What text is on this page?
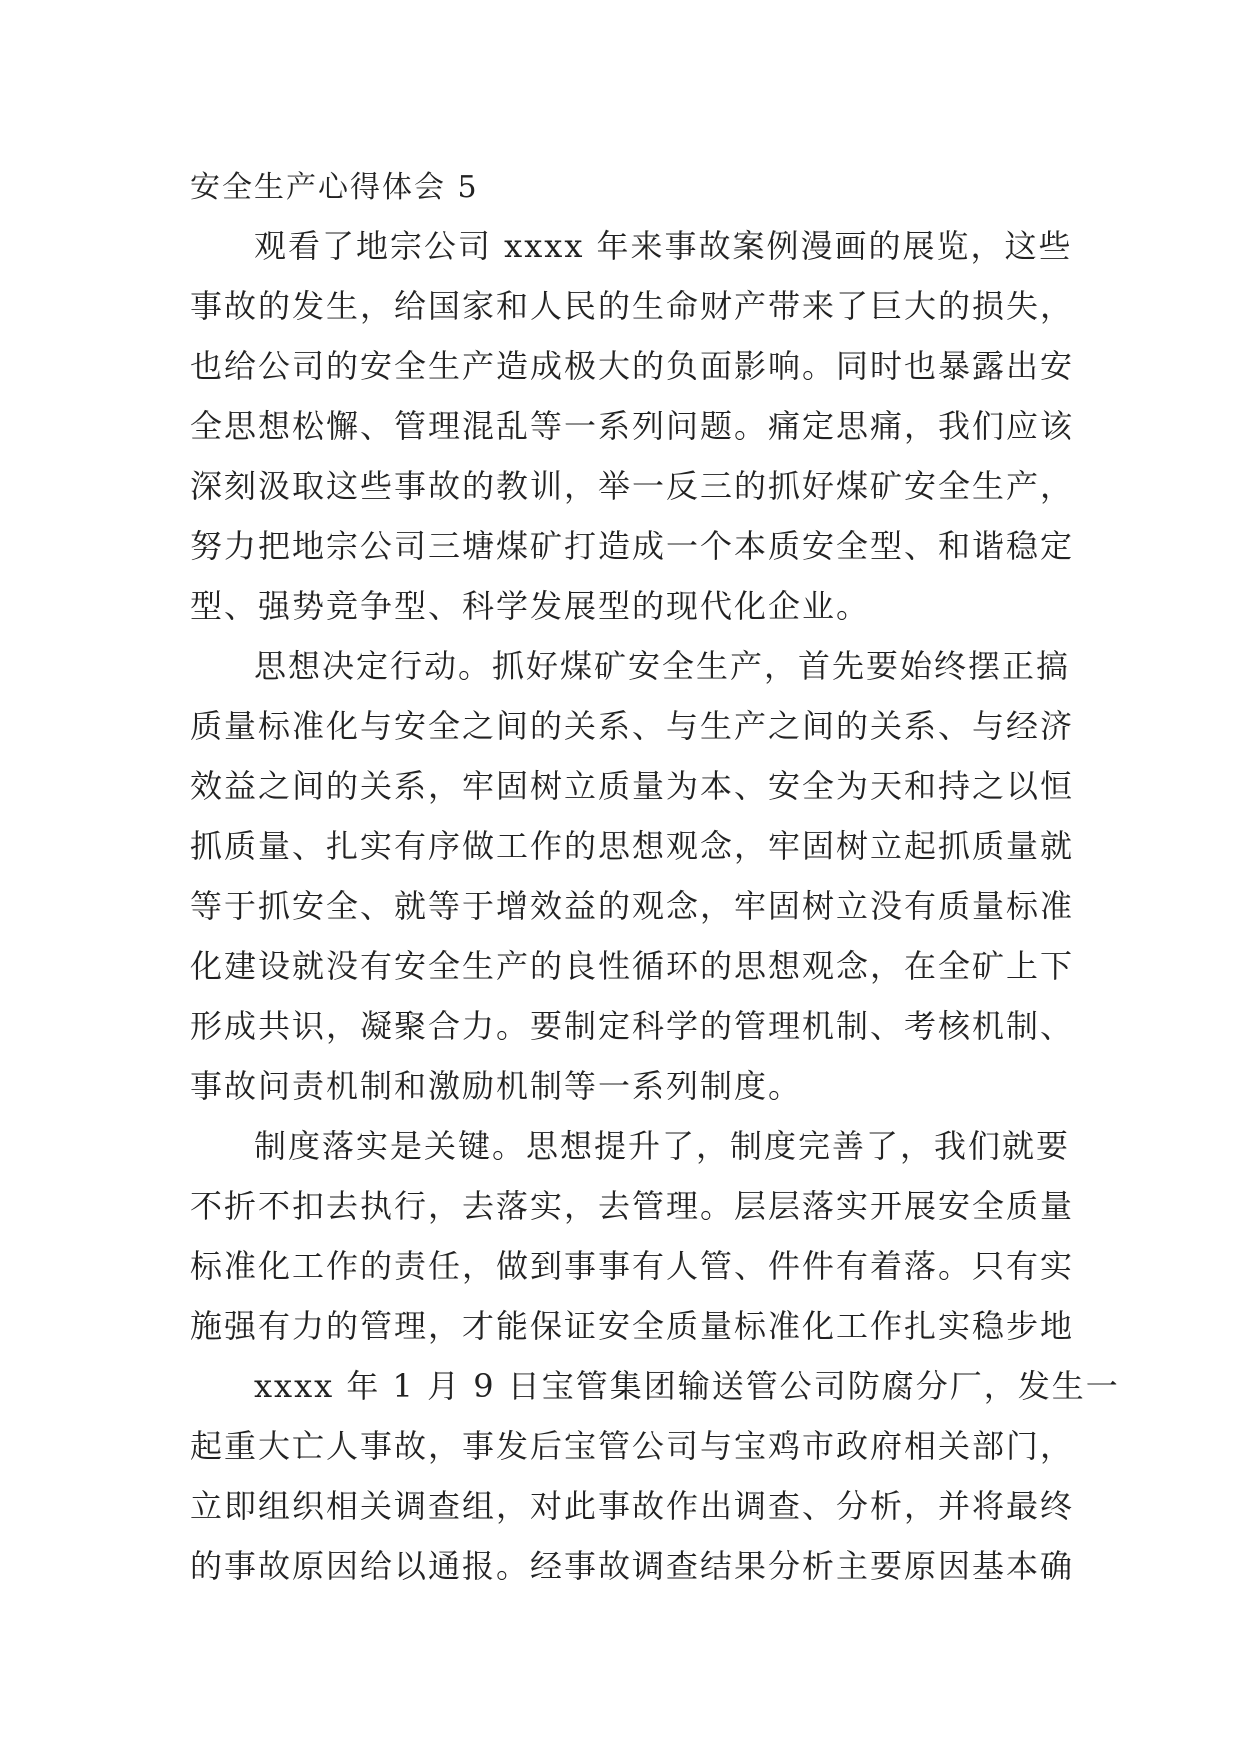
安全生产心得体会 5
观看了地宗公司 xxxx 年来事故案例漫画的展览，这些
事故的发生，给国家和人民的生命财产带来了巨大的损失，
也给公司的安全生产造成极大的负面影响。同时也暴露出安
全思想松懈、管理混乱等一系列问题。痛定思痛，我们应该
深刻汲取这些事故的教训，举一反三的抓好煤矿安全生产，
努力把地宗公司三塘煤矿打造成一个本质安全型、和谐稳定
型、强势竞争型、科学发展型的现代化企业。
思想决定行动。抓好煤矿安全生产，首先要始终摆正搞
质量标准化与安全之间的关系、与生产之间的关系、与经济
效益之间的关系，牢固树立质量为本、安全为天和持之以恒
抓质量、扎实有序做工作的思想观念，牢固树立起抓质量就
等于抓安全、就等于增效益的观念，牢固树立没有质量标准
化建设就没有安全生产的良性循环的思想观念，在全矿上下
形成共识，凝聚合力。要制定科学的管理机制、考核机制、
事故问责机制和激励机制等一系列制度。
制度落实是关键。思想提升了，制度完善了，我们就要
不折不扣去执行，去落实，去管理。层层落实开展安全质量
标准化工作的责任，做到事事有人管、件件有着落。只有实
施强有力的管理，才能保证安全质量标准化工作扎实稳步地
xxxx 年 1 月 9 日宝管集团输送管公司防腐分厂，发生一
起重大亡人事故，事发后宝管公司与宝鸡市政府相关部门，
立即组织相关调查组，对此事故作出调查、分析，并将最终
的事故原因给以通报。经事故调查结果分析主要原因基本确
